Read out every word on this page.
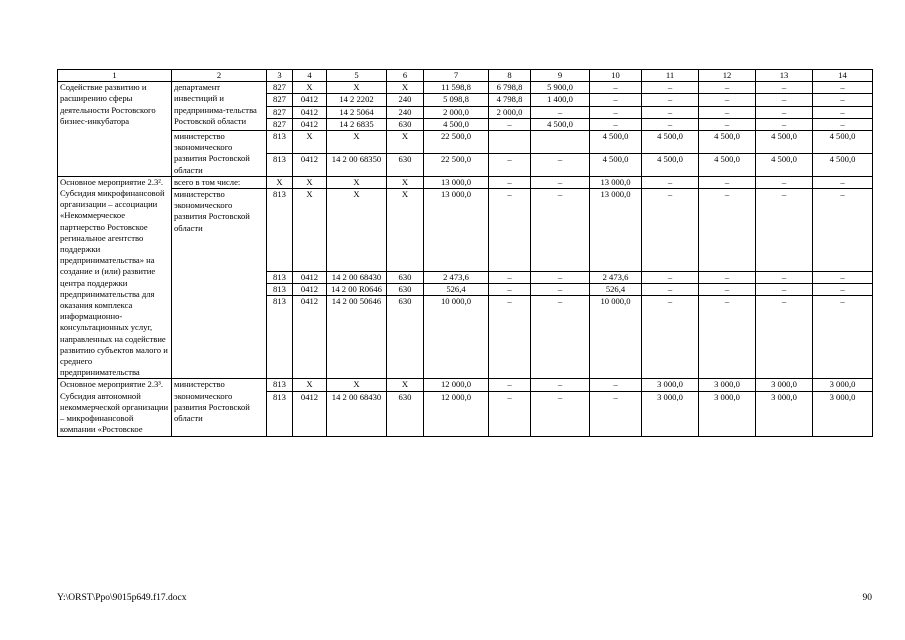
1	2	3	4	5	6	7	8	9	10	11	12	13	14
Содействие развитию и расширению сферы деятельности Ростовского бизнес-инкубатора	департамент инвестиций и предпринима-тельства Ростовской области	827	Х	Х	Х	11 598,8	6 798,8	5 900,0	–	–	–	–	–
		827	0412	14 2 2202	240	5 098,8	4 798,8	1 400,0	–	–	–	–	–
		827	0412	14 2 5064	240	2 000,0	2 000,0	–	–	–	–	–	–
		827	0412	14 2 6835	630	4 500,0	–	4 500,0	–	–	–	–	–
	министерство экономического развития Ростовской области	813	Х	Х	Х	22 500,0			4 500,0	4 500,0	4 500,0	4 500,0	4 500,0
		813	0412	14 2 00 68350	630	22 500,0	–	–	4 500,0	4 500,0	4 500,0	4 500,0	4 500,0
Основное мероприятие 2.3². Субсидия микрофинансовой организации – ассоциации «Некоммерческое партнерство Ростовское регинальное агентство поддержки предпринимательства» на создание и (или) развитие центра поддержки предпринимательства для оказания комплекса информационно-консультационных услуг, направленных на содействие развитию субъектов малого и среднего предпринимательства	всего в том числе:	Х	Х	Х	Х	13 000,0	–	–	13 000,0	–	–	–	–
	министерство экономического развития Ростовской области	813	Х	Х	Х	13 000,0	–	–	13 000,0	–	–	–	–
		813	0412	14 2 00 68430	630	2 473,6	–	–	2 473,6	–	–	–	–
		813	0412	14 2 00 R0646	630	526,4	–	–	526,4	–	–	–	–
		813	0412	14 2 00 50646	630	10 000,0	–	–	10 000,0	–	–	–	–

Основное мероприятие 2.3³. Субсидия автономной некоммерческой организации – микрофинансовой компании «Ростовское	министерство экономического развития Ростовской области	813	Х	Х	Х	12 000,0	–	–	–	3 000,0	3 000,0	3 000,0	3 000,0
		813	0412	14 2 00 68430	630	12 000,0	–	–	–	3 000,0	3 000,0	3 000,0	3 000,0

Y:\ORST\Ppo\9015p649.f17.docx	90
